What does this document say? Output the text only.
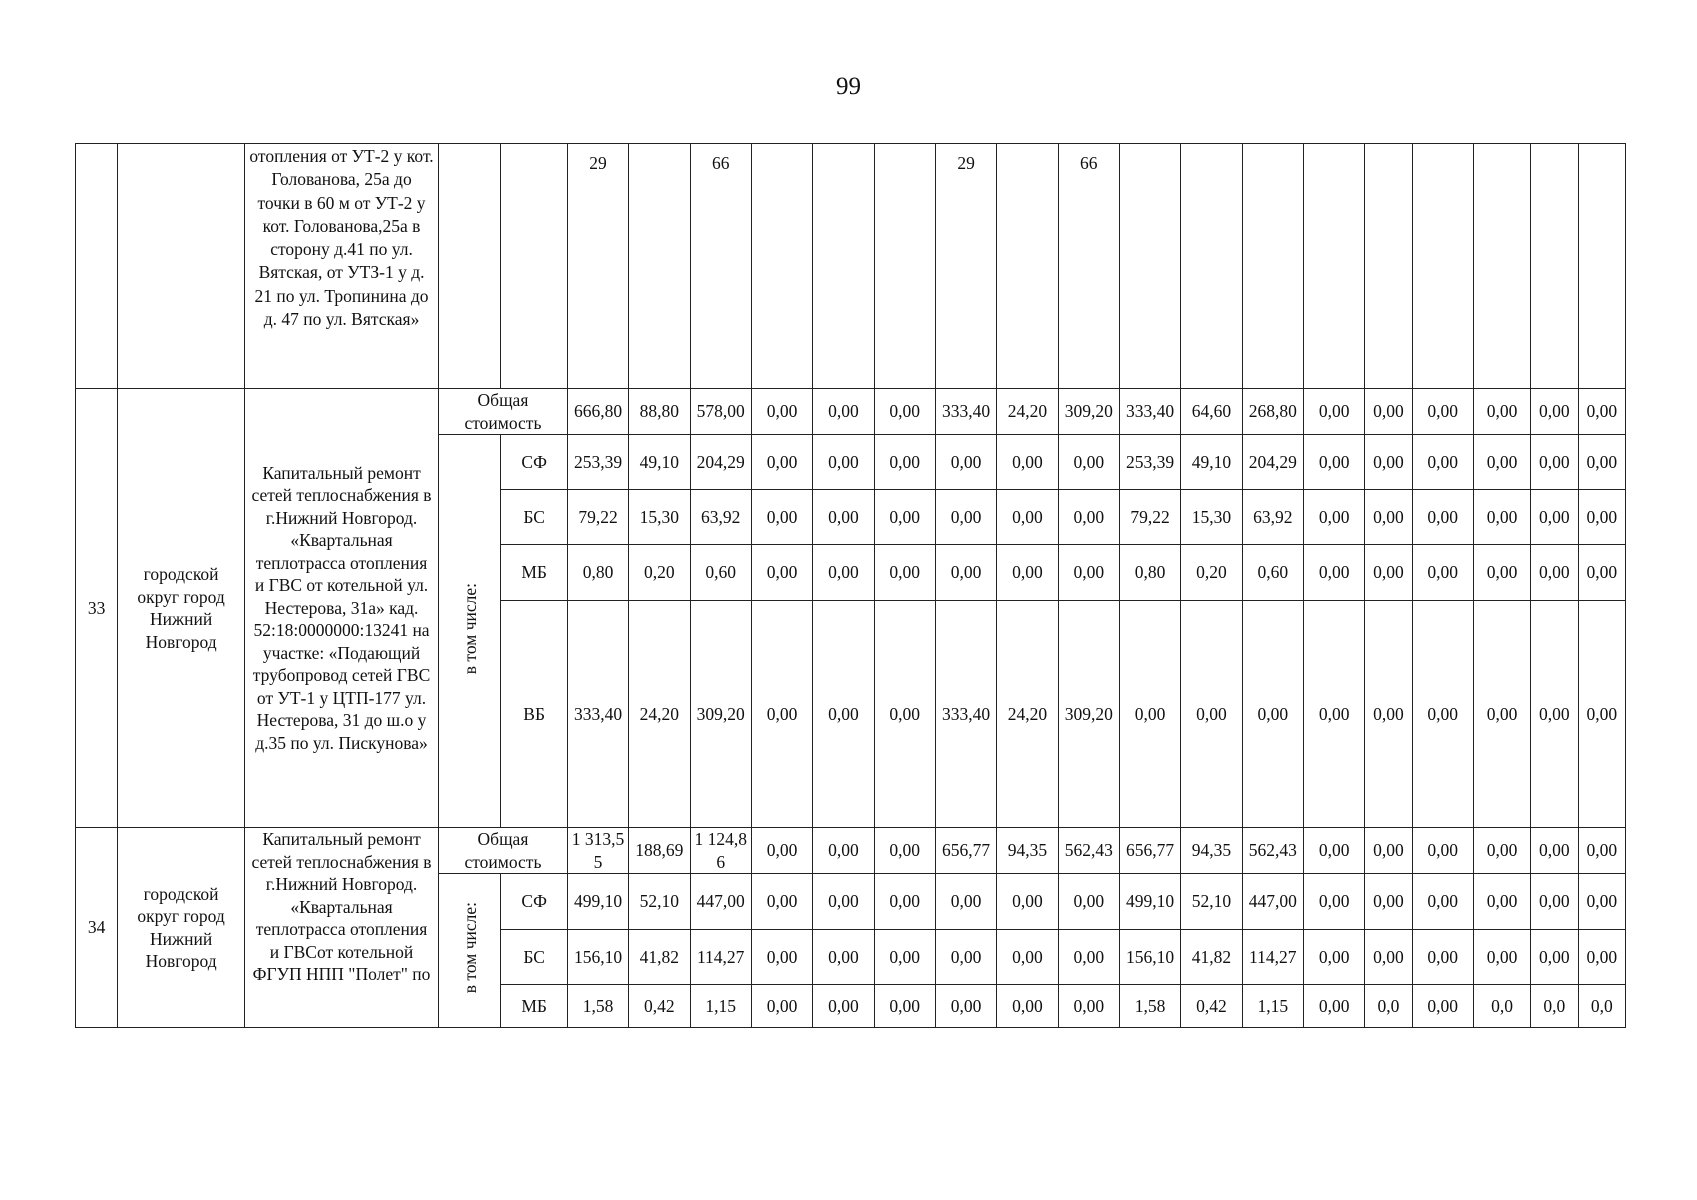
99

		отопления от УТ-2 у кот. Голованова, 25а до точки в 60 м от УТ-2 у кот. Голованова,25а в сторону д.41 по ул. Вятская, от УТЗ-1 у д. 21 по ул. Тропинина до д. 47 по ул. Вятская»			29		66				29		66									
33	городской округ город Нижний Новгород	Капитальный ремонт сетей теплоснабжения в г.Нижний Новгород. «Квартальная теплотрасса отопления и ГВС от котельной ул. Нестерова, 31а» кад. 52:18:0000000:13241 на участке: «Подающий трубопровод сетей ГВС от УТ-1 у ЦТП-177 ул. Нестерова, 31 до ш.о у д.35 по ул. Пискунова»	Общая стоимость		666,80	88,80	578,00	0,00	0,00	0,00	333,40	24,20	309,20	333,40	64,60	268,80	0,00	0,00	0,00	0,00	0,00	0,00
			в том числе:	СФ	253,39	49,10	204,29	0,00	0,00	0,00	0,00	0,00	0,00	253,39	49,10	204,29	0,00	0,00	0,00	0,00	0,00	0,00
				БС	79,22	15,30	63,92	0,00	0,00	0,00	0,00	0,00	0,00	79,22	15,30	63,92	0,00	0,00	0,00	0,00	0,00	0,00
				МБ	0,80	0,20	0,60	0,00	0,00	0,00	0,00	0,00	0,00	0,80	0,20	0,60	0,00	0,00	0,00	0,00	0,00	0,00
				ВБ	333,40	24,20	309,20	0,00	0,00	0,00	333,40	24,20	309,20	0,00	0,00	0,00	0,00	0,00	0,00	0,00	0,00	0,00
34	городской округ город Нижний Новгород	Капитальный ремонт сетей теплоснабжения в г.Нижний Новгород. «Квартальная теплотрасса отопления и ГВСот котельной ФГУП НПП "Полет" по	Общая стоимость		1 313,55	188,69	1 124,86	0,00	0,00	0,00	656,77	94,35	562,43	656,77	94,35	562,43	0,00	0,00	0,00	0,00	0,00	0,00
			в том числе:	СФ	499,10	52,10	447,00	0,00	0,00	0,00	0,00	0,00	0,00	499,10	52,10	447,00	0,00	0,00	0,00	0,00	0,00	0,00
				БС	156,10	41,82	114,27	0,00	0,00	0,00	0,00	0,00	0,00	156,10	41,82	114,27	0,00	0,00	0,00	0,00	0,00	0,00
				МБ	1,58	0,42	1,15	0,00	0,00	0,00	0,00	0,00	0,00	1,58	0,42	1,15	0,00	0,0	0,00	0,0	0,0	0,0
